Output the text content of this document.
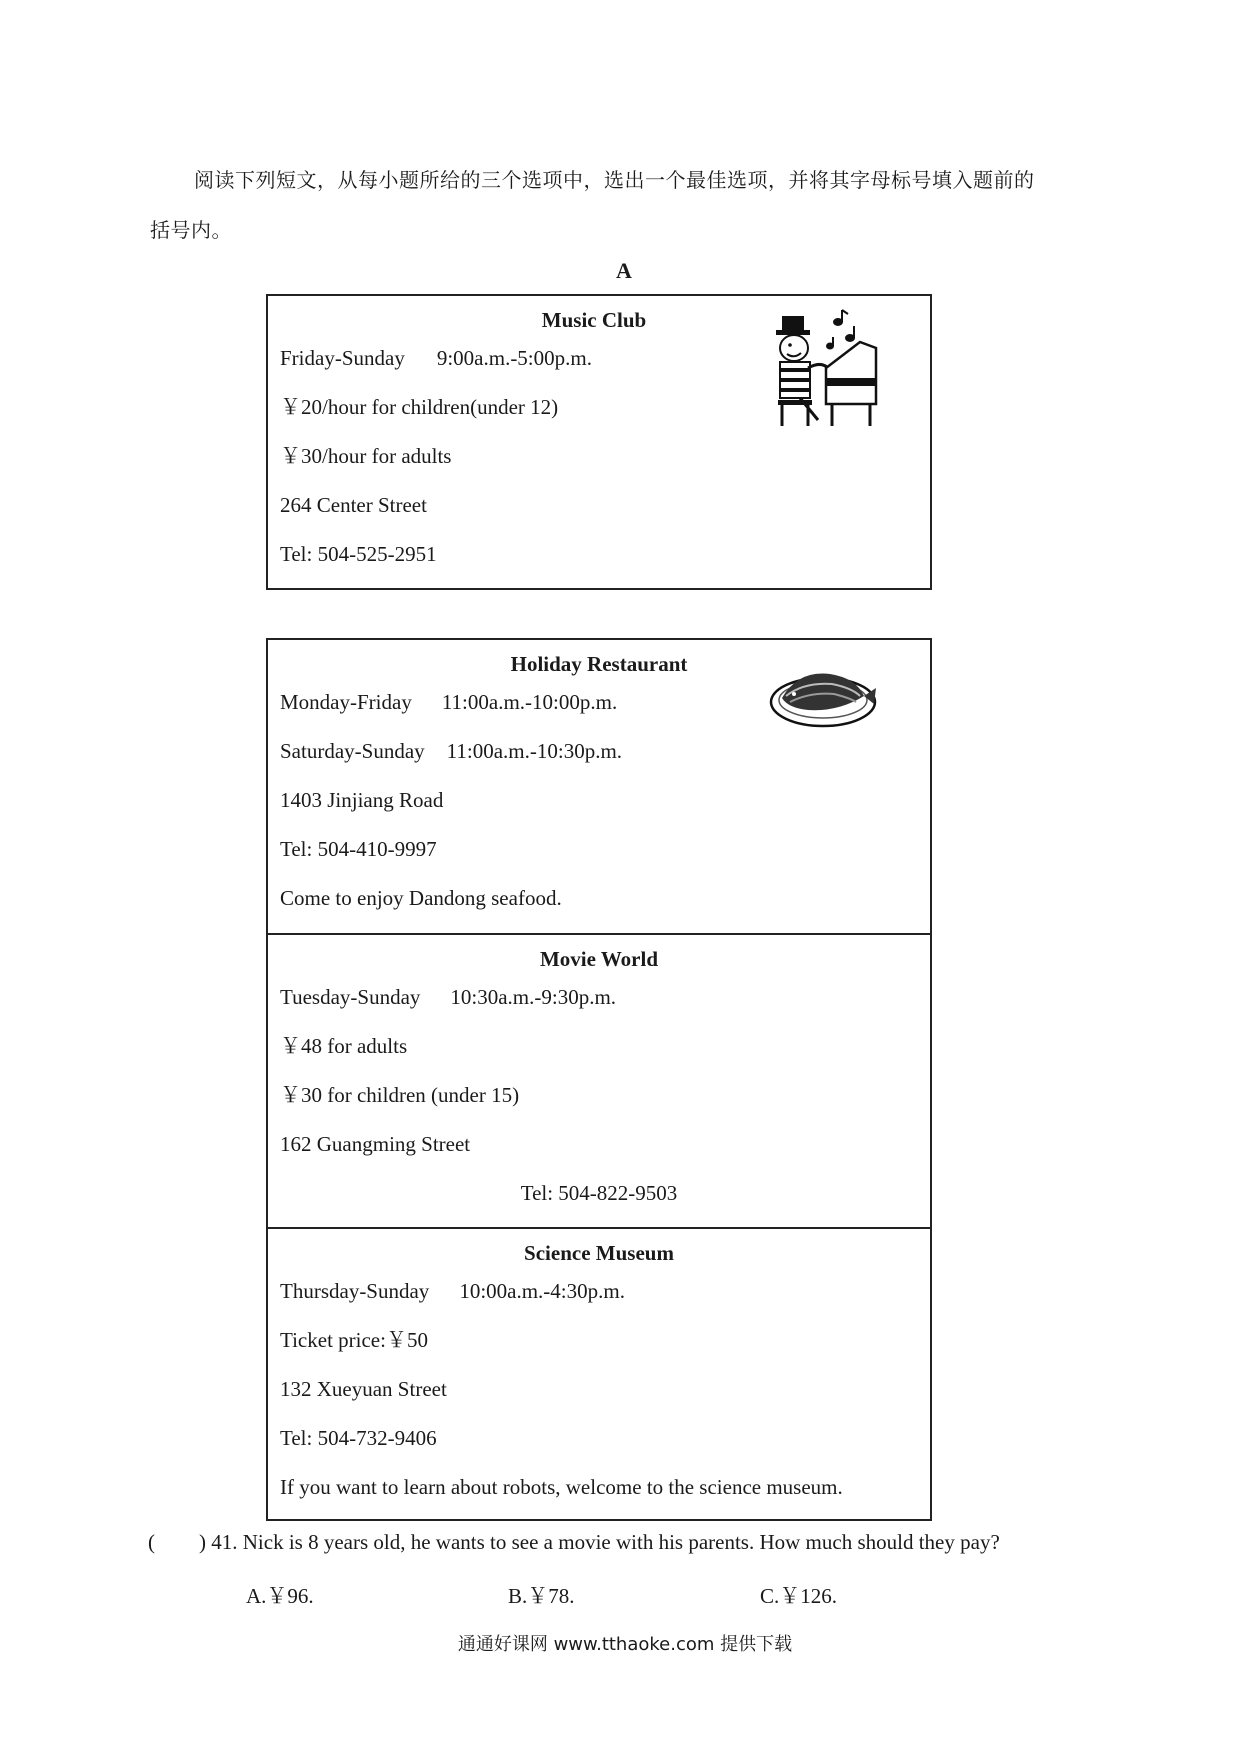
阅读下列短文，从每小题所给的三个选项中，选出一个最佳选项，并将其字母标号填入题前的
括号内。
A
Music Club
Friday-Sunday 9:00a.m.-5:00p.m.
￥20/hour for children(under 12)
￥30/hour for adults
264 Center Street
Tel: 504-525-2951
Holiday Restaurant
Monday-Friday 11:00a.m.-10:00p.m.
Saturday-Sunday 11:00a.m.-10:30p.m.
1403 Jinjiang Road
Tel: 504-410-9997
Come to enjoy Dandong seafood.
Movie World
Tuesday-Sunday 10:30a.m.-9:30p.m.
￥48 for adults
￥30 for children (under 15)
162 Guangming Street
Tel: 504-822-9503
Science Museum
Thursday-Sunday 10:00a.m.-4:30p.m.
Ticket price:￥50
132 Xueyuan Street
Tel: 504-732-9406
If you want to learn about robots, welcome to the science museum.
( ) 41. Nick is 8 years old, he wants to see a movie with his parents. How much should they pay?
A.￥96.	B.￥78.	C.￥126.
通通好课网 www.tthaoke.com 提供下载
